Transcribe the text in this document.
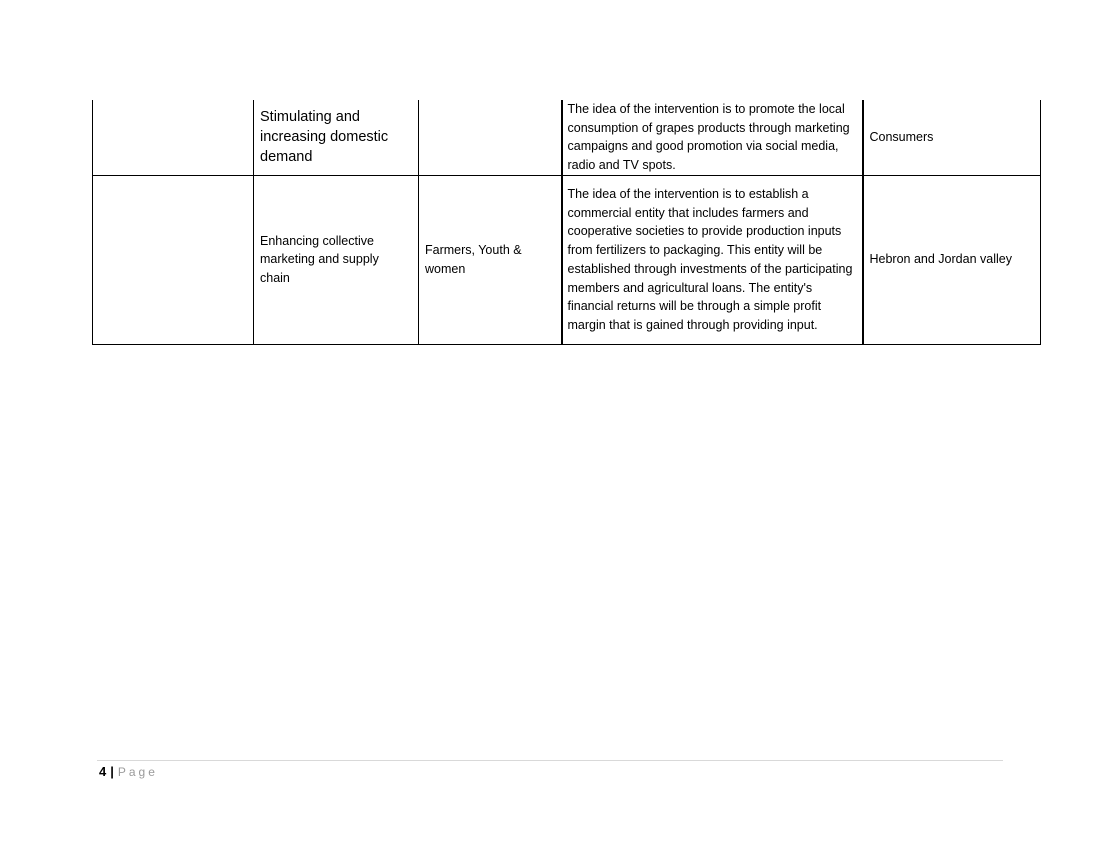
	Stimulating and increasing domestic demand		The idea of the intervention is to promote the local consumption of grapes products through marketing campaigns and good promotion via social media, radio and TV spots.	Consumers
	Enhancing collective marketing and supply chain	Farmers, Youth & women	The idea of the intervention is to establish a commercial entity that includes farmers and cooperative societies to provide production inputs from fertilizers to packaging. This entity will be established through investments of the participating members and agricultural loans. The entity's financial returns will be through a simple profit margin that is gained through providing input.	Hebron and Jordan valley
4 | Page
